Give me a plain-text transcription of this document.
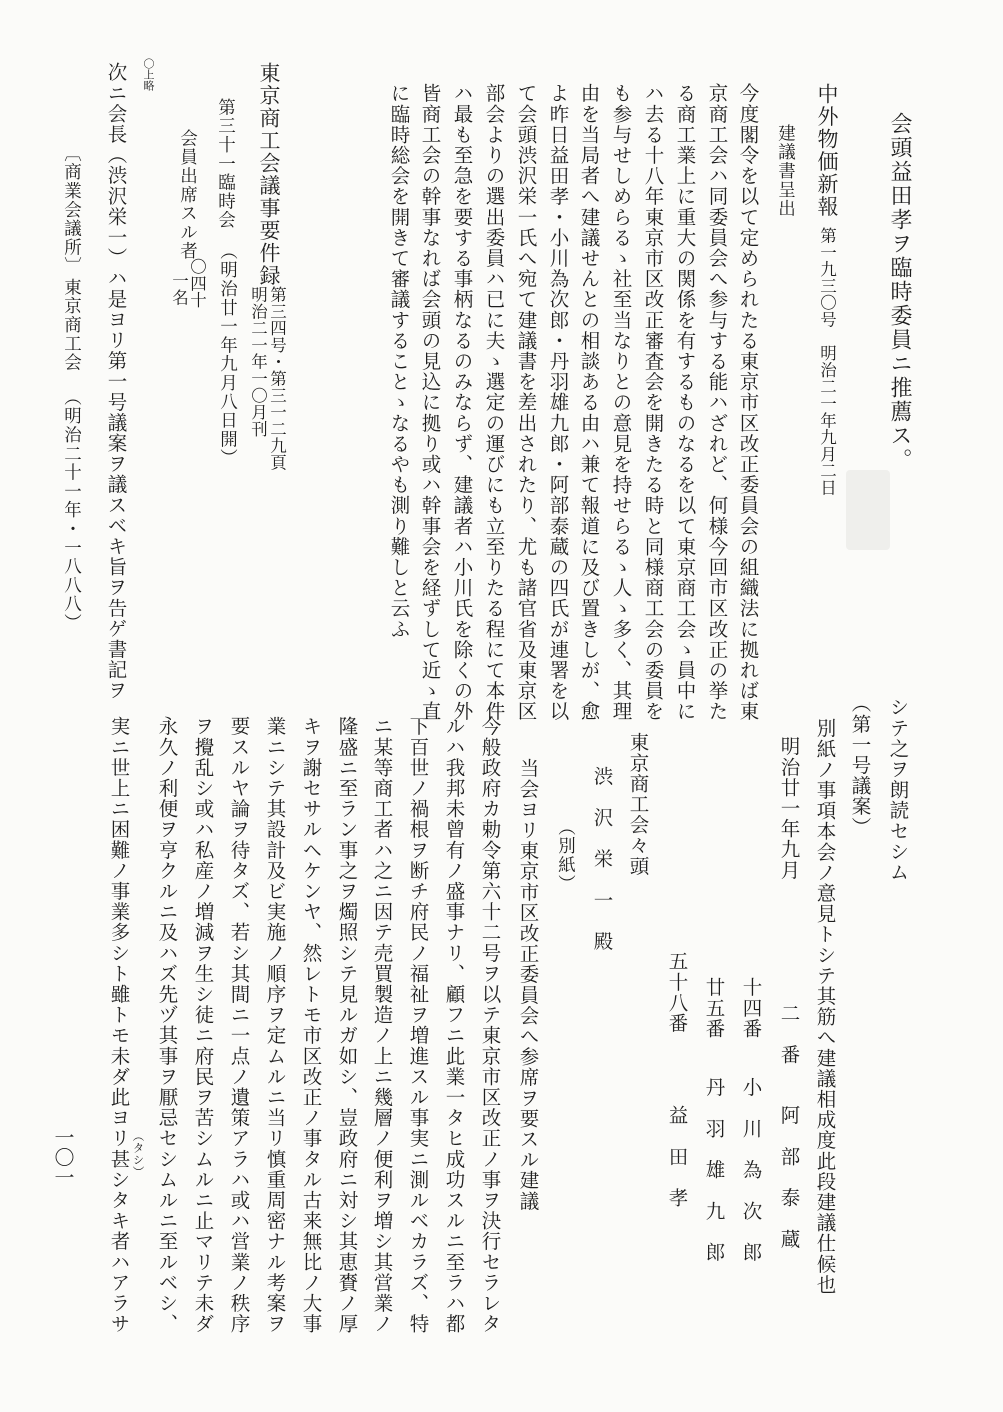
会頭益田孝ヲ臨時委員ニ推薦ス。
中外物価新報
第一九三〇号　明治二一年九月二日
建議書呈出
今度閣令を以て定められたる東京市区改正委員会の組織法に拠れば東
京商工会ハ同委員会へ参与する能ハざれど、何様今回市区改正の挙た
る商工業上に重大の関係を有するものなるを以て東京商工会ゝ員中に
ハ去る十八年東京市区改正審査会を開きたる時と同様商工会の委員を
も参与せしめらるゝ社至当なりとの意見を持せらるゝ人ゝ多く、其理
由を当局者へ建議せんとの相談ある由ハ兼て報道に及び置きしが、愈
よ昨日益田孝・小川為次郎・丹羽雄九郎・阿部泰蔵の四氏が連署を以
て会頭渋沢栄一氏へ宛て建議書を差出されたり、尤も諸官省及東京区
部会よりの選出委員ハ已に夫ゝ選定の運びにも立至りたる程にて本件
ハ最も至急を要する事柄なるのみならず、建議者ハ小川氏を除くの外
皆商工会の幹事なれば会頭の見込に拠り或ハ幹事会を経ずして近ゝ直
に臨時総会を開きて審議することゝなるやも測り難しと云ふ
東京商工会議事要件録
第三四号・第三一二九頁
明治二一年一〇月刊
第三十一臨時会
（明治廿一年九月八日開）
会員出席スル者
〇四十
一名
〇上略
次ニ会長（渋沢栄一）ハ是ヨリ第一号議案ヲ議スベキ旨ヲ告ゲ書記ヲ
〔商業会議所〕
東京商工会
（明治二十一年・一八八八）
シテ之ヲ朗読セシム
（第一号議案）
別紙ノ事項本会ノ意見トシテ其筋へ建議相成度此段建議仕候也
明治廿一年九月
二　番
阿　部　泰　蔵
十四番
小　川　為　次　郎
廿五番
丹　羽　雄　九　郎
五十八番
益　田　孝
東京商工会々頭
渋　沢　栄　一　殿
（別紙）
当会ヨリ東京市区改正委員会へ参席ヲ要スル建議
今般政府カ勅令第六十二号ヲ以テ東京市区改正ノ事ヲ決行セラレタ
ルハ我邦未曾有ノ盛事ナリ、顧フニ此業一タヒ成功スルニ至ラハ都
下百世ノ禍根ヲ断チ府民ノ福祉ヲ増進スル事実ニ測ルベカラズ、特
ニ某等商工者ハ之ニ因テ売買製造ノ上ニ幾層ノ便利ヲ増シ其営業ノ
隆盛ニ至ラン事之ヲ燭照シテ見ルガ如シ、豈政府ニ対シ其恵賚ノ厚
キヲ謝セサルヘケンヤ、然レトモ市区改正ノ事タル古来無比ノ大事
業ニシテ其設計及ビ実施ノ順序ヲ定ムルニ当リ慎重周密ナル考案ヲ
要スルヤ論ヲ待タズ、若シ其間ニ一点ノ遺策アラハ或ハ営業ノ秩序
ヲ攪乱シ或ハ私産ノ増減ヲ生シ徒ニ府民ヲ苦シムルニ止マリテ未ダ
永久ノ利便ヲ亨クルニ及ハズ先ヅ其事ヲ厭忌セシムルニ至ルベシ、
実ニ世上ニ困難ノ事業多シト雖トモ未ダ此ヨリ甚シタキ者ハアラサ （タシ）
一〇一
